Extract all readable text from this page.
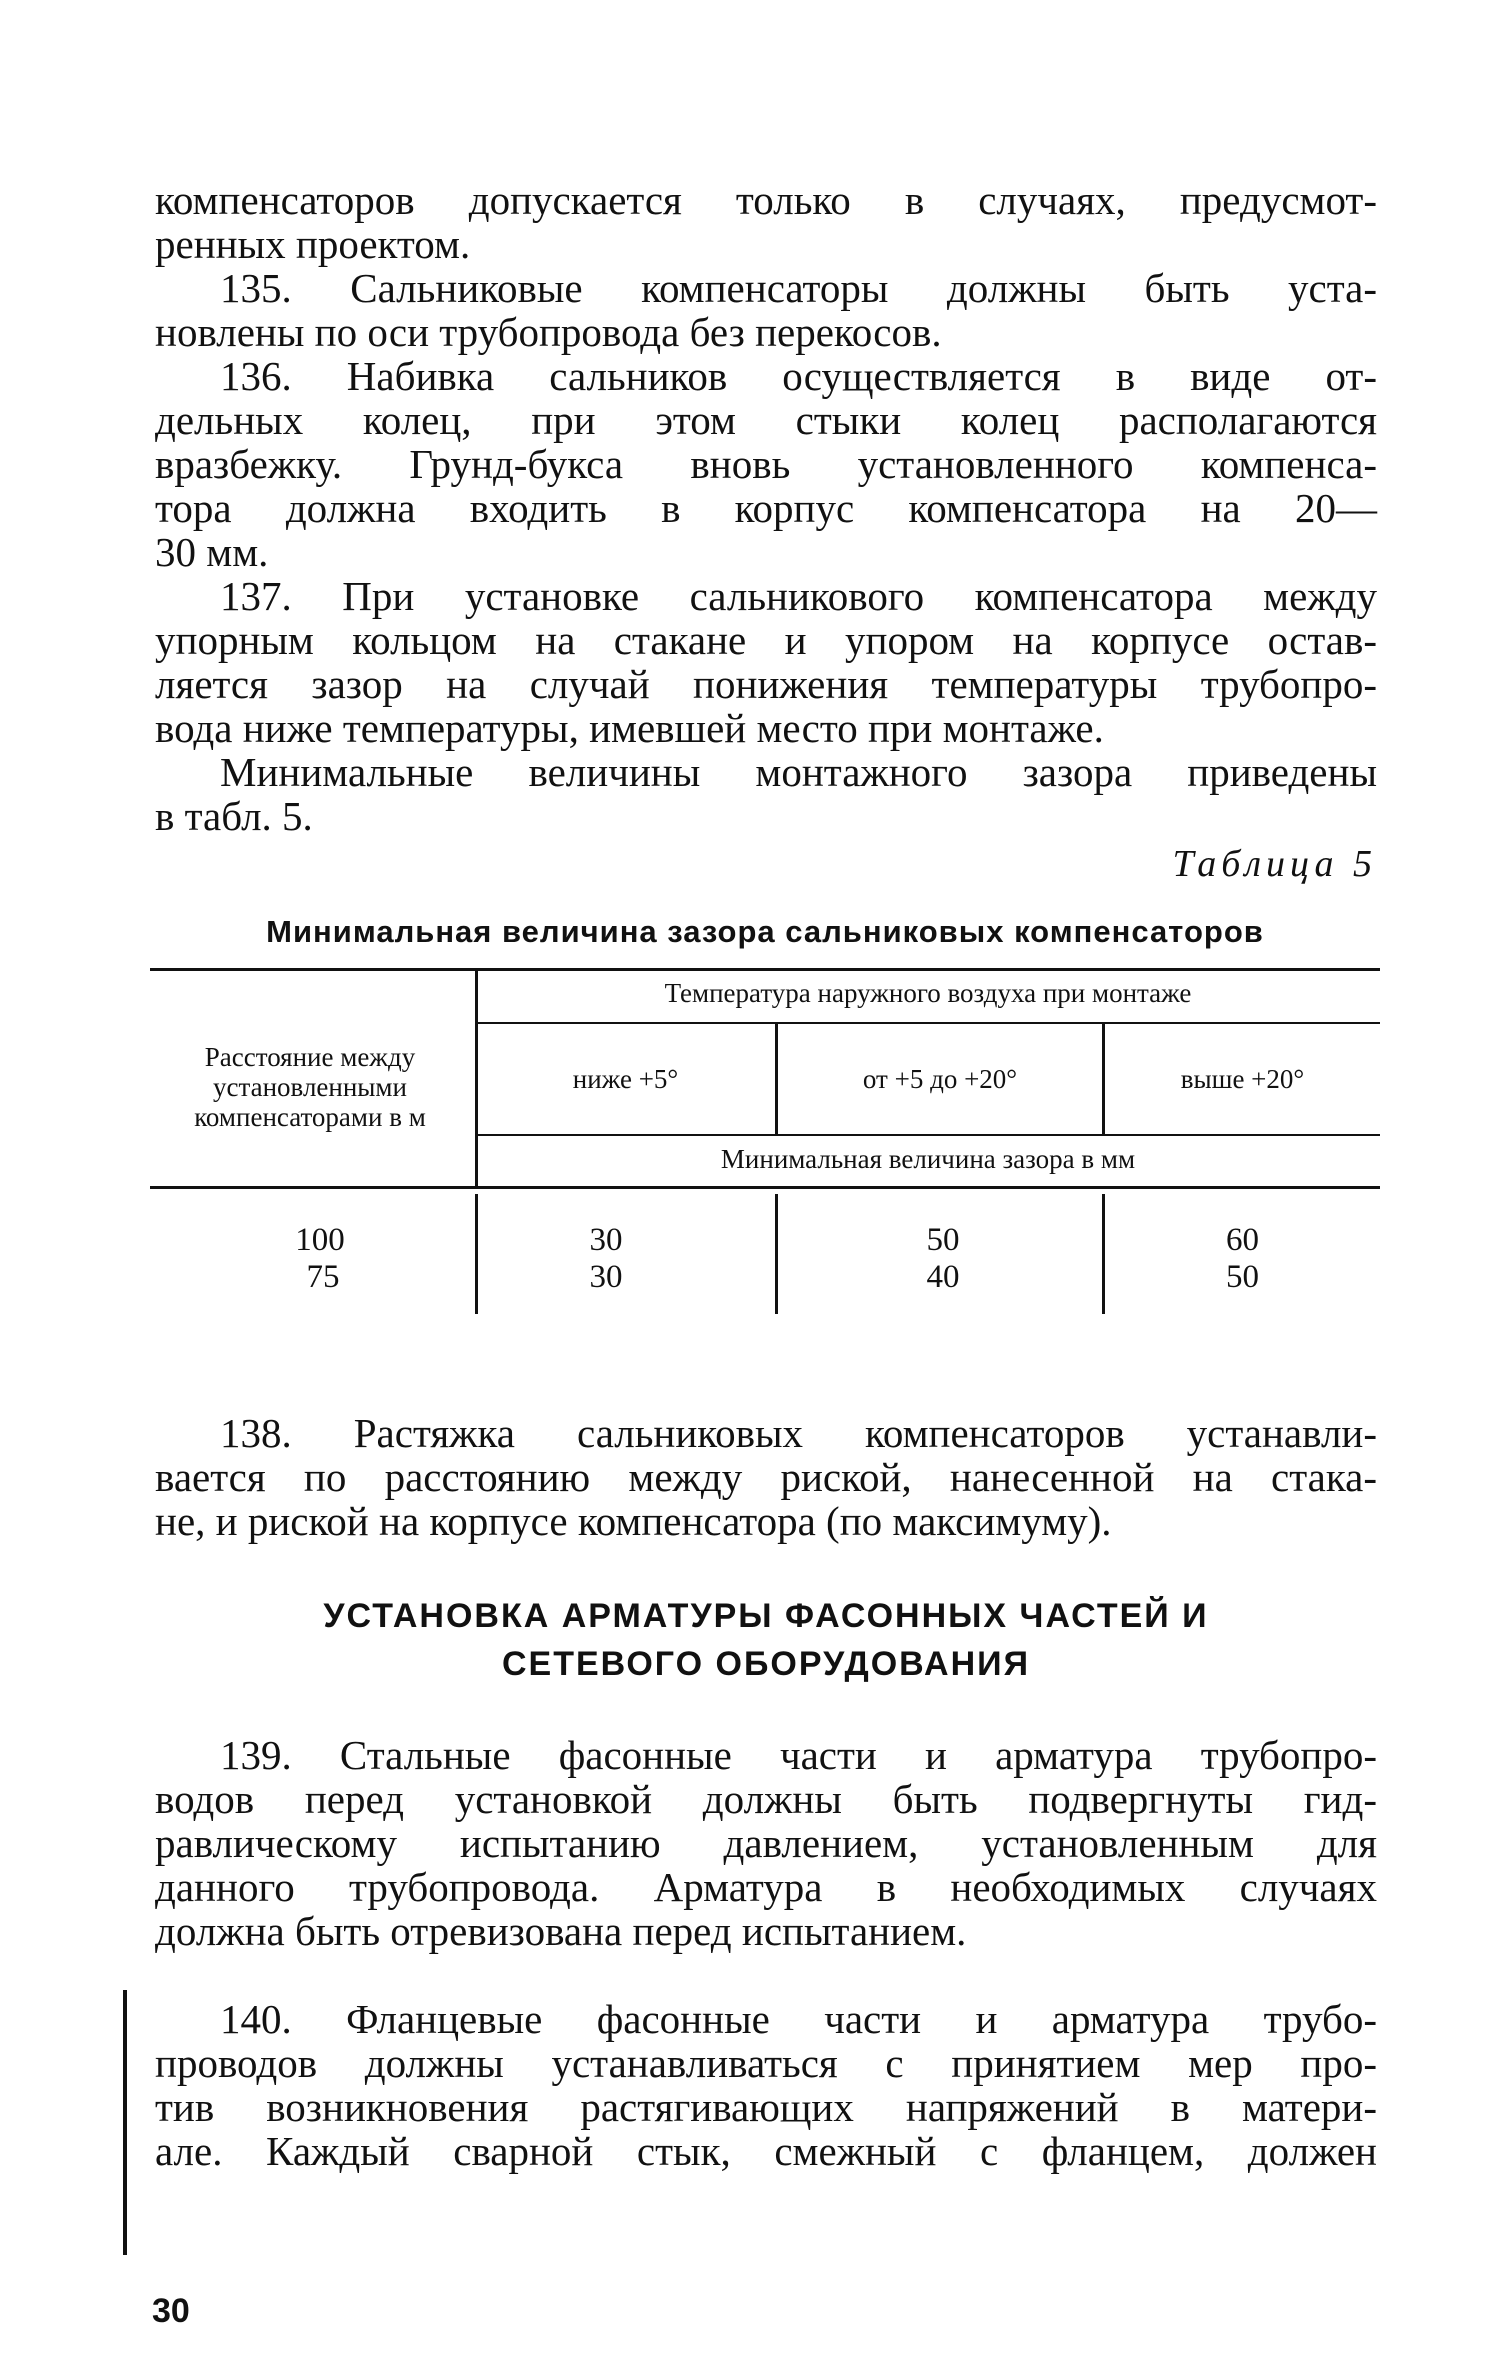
компенсаторов допускается только в случаях, предусмот-
ренных проектом.
135. Сальниковые компенсаторы должны быть уста-
новлены по оси трубопровода без перекосов.
136. Набивка сальников осуществляется в виде от-
дельных колец, при этом стыки колец располагаются
вразбежку. Грунд-букса вновь установленного компенса-
тора должна входить в корпус компенсатора на 20—
30 мм.
137. При установке сальникового компенсатора между
упорным кольцом на стакане и упором на корпусе остав-
ляется зазор на случай понижения температуры трубопро-
вода ниже температуры, имевшей место при монтаже.
Минимальные величины монтажного зазора приведены
в табл. 5.
Таблица 5
Минимальная величина зазора сальниковых компенсаторов
Расстояние между установленными компенсаторами в м
Температура наружного воздуха при монтаже
ниже +5°	от +5 до +20°	выше +20°
Минимальная величина зазора в мм
100	30	50	60
75	30	40	50
138. Растяжка сальниковых компенсаторов устанавли-
вается по расстоянию между риской, нанесенной на стака-
не, и риской на корпусе компенсатора (по максимуму).
УСТАНОВКА АРМАТУРЫ ФАСОННЫХ ЧАСТЕЙ И
СЕТЕВОГО ОБОРУДОВАНИЯ
139. Стальные фасонные части и арматура трубопро-
водов перед установкой должны быть подвергнуты гид-
равлическому испытанию давлением, установленным для
данного трубопровода. Арматура в необходимых случаях
должна быть отревизована перед испытанием.
140. Фланцевые фасонные части и арматура трубо-
проводов должны устанавливаться с принятием мер про-
тив возникновения растягивающих напряжений в матери-
але. Каждый сварной стык, смежный с фланцем, должен
30
